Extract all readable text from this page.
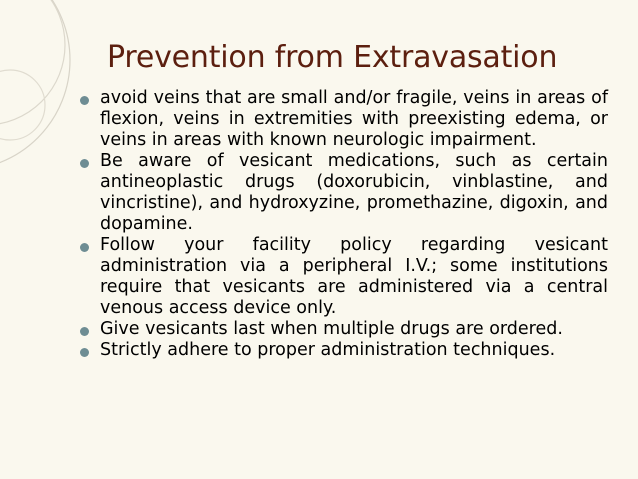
Prevention from Extravasation
avoid veins that are small and/or fragile, veins in areas of flexion, veins in extremities with preexisting edema, or veins in areas with known neurologic impairment.
Be aware of vesicant medications, such as certain antineoplastic drugs (doxorubicin, vinblastine, and vincristine), and hydroxyzine, promethazine, digoxin, and dopamine.
Follow your facility policy regarding vesicant administration via a peripheral I.V.; some institutions require that vesicants are administered via a central venous access device only.
Give vesicants last when multiple drugs are ordered.
Strictly adhere to proper administration techniques.
